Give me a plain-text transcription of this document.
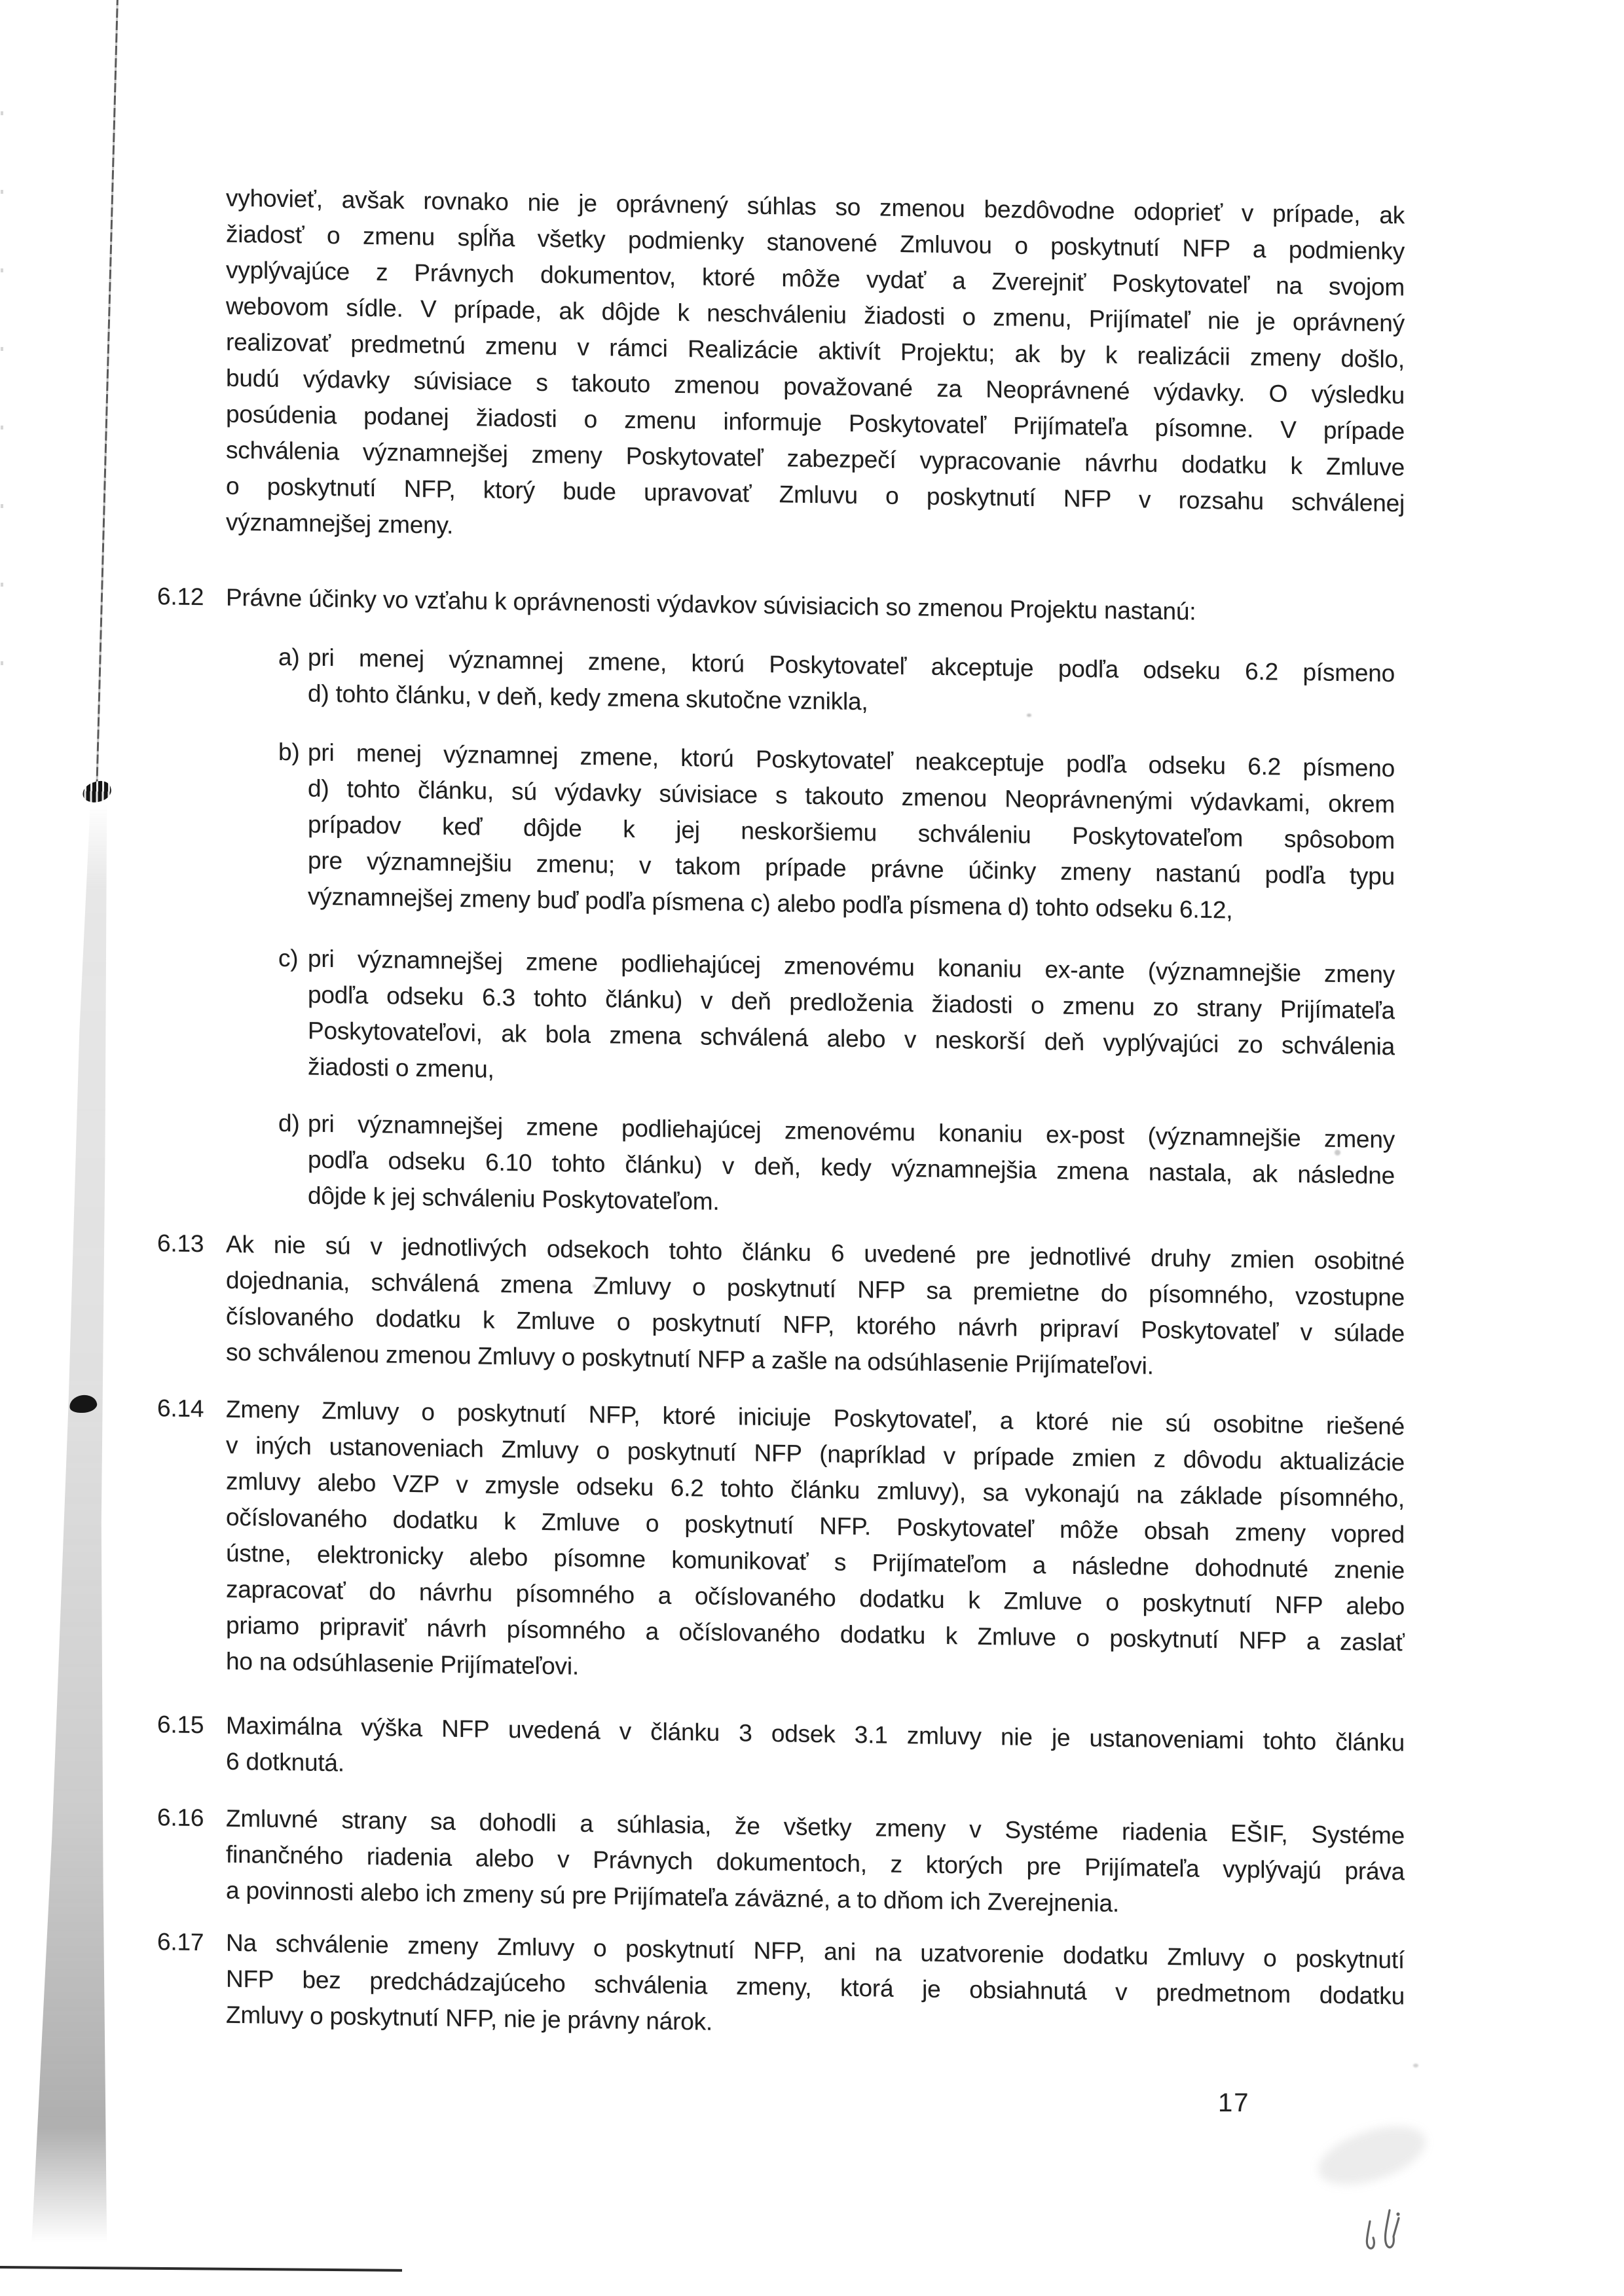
vyhovieť, avšak rovnako nie je oprávnený súhlas so zmenou bezdôvodne odoprieť v prípade, ak
žiadosť o zmenu spĺňa všetky podmienky stanovené Zmluvou o poskytnutí NFP a podmienky
vyplývajúce z Právnych dokumentov, ktoré môže vydať a Zverejniť Poskytovateľ na svojom
webovom sídle. V prípade, ak dôjde k neschváleniu žiadosti o zmenu, Prijímateľ nie je oprávnený
realizovať predmetnú zmenu v rámci Realizácie aktivít Projektu; ak by k realizácii zmeny došlo,
budú výdavky súvisiace s takouto zmenou považované za Neoprávnené výdavky. O výsledku
posúdenia podanej žiadosti o zmenu informuje Poskytovateľ Prijímateľa písomne. V prípade
schválenia významnejšej zmeny Poskytovateľ zabezpečí vypracovanie návrhu dodatku k Zmluve
o poskytnutí NFP, ktorý bude upravovať Zmluvu o poskytnutí NFP v rozsahu schválenej
významnejšej zmeny.
6.12 Právne účinky vo vzťahu k oprávnenosti výdavkov súvisiacich so zmenou Projektu nastanú:
a) pri menej významnej zmene, ktorú Poskytovateľ akceptuje podľa odseku 6.2 písmeno
d) tohto článku, v deň, kedy zmena skutočne vznikla,
b) pri menej významnej zmene, ktorú Poskytovateľ neakceptuje podľa odseku 6.2 písmeno
d) tohto článku, sú výdavky súvisiace s takouto zmenou Neoprávnenými výdavkami, okrem
prípadov keď dôjde k jej neskoršiemu schváleniu Poskytovateľom spôsobom
pre významnejšiu zmenu; v takom prípade právne účinky zmeny nastanú podľa typu
významnejšej zmeny buď podľa písmena c) alebo podľa písmena d) tohto odseku 6.12,
c) pri významnejšej zmene podliehajúcej zmenovému konaniu ex-ante (významnejšie zmeny
podľa odseku 6.3 tohto článku) v deň predloženia žiadosti o zmenu zo strany Prijímateľa
Poskytovateľovi, ak bola zmena schválená alebo v neskorší deň vyplývajúci zo schválenia
žiadosti o zmenu,
d) pri významnejšej zmene podliehajúcej zmenovému konaniu ex-post (významnejšie zmeny
podľa odseku 6.10 tohto článku) v deň, kedy významnejšia zmena nastala, ak následne
dôjde k jej schváleniu Poskytovateľom.
6.13 Ak nie sú v jednotlivých odsekoch tohto článku 6 uvedené pre jednotlivé druhy zmien osobitné
dojednania, schválená zmena Zmluvy o poskytnutí NFP sa premietne do písomného, vzostupne
číslovaného dodatku k Zmluve o poskytnutí NFP, ktorého návrh pripraví Poskytovateľ v súlade
so schválenou zmenou Zmluvy o poskytnutí NFP a zašle na odsúhlasenie Prijímateľovi.
6.14 Zmeny Zmluvy o poskytnutí NFP, ktoré iniciuje Poskytovateľ, a ktoré nie sú osobitne riešené
v iných ustanoveniach Zmluvy o poskytnutí NFP (napríklad v prípade zmien z dôvodu aktualizácie
zmluvy alebo VZP v zmysle odseku 6.2 tohto článku zmluvy), sa vykonajú na základe písomného,
očíslovaného dodatku k Zmluve o poskytnutí NFP. Poskytovateľ môže obsah zmeny vopred
ústne, elektronicky alebo písomne komunikovať s Prijímateľom a následne dohodnuté znenie
zapracovať do návrhu písomného a očíslovaného dodatku k Zmluve o poskytnutí NFP alebo
priamo pripraviť návrh písomného a očíslovaného dodatku k Zmluve o poskytnutí NFP a zaslať
ho na odsúhlasenie Prijímateľovi.
6.15 Maximálna výška NFP uvedená v článku 3 odsek 3.1 zmluvy nie je ustanoveniami tohto článku
6 dotknutá.
6.16 Zmluvné strany sa dohodli a súhlasia, že všetky zmeny v Systéme riadenia EŠIF, Systéme
finančného riadenia alebo v Právnych dokumentoch, z ktorých pre Prijímateľa vyplývajú práva
a povinnosti alebo ich zmeny sú pre Prijímateľa záväzné, a to dňom ich Zverejnenia.
6.17 Na schválenie zmeny Zmluvy o poskytnutí NFP, ani na uzatvorenie dodatku Zmluvy o poskytnutí
NFP bez predchádzajúceho schválenia zmeny, ktorá je obsiahnutá v predmetnom dodatku
Zmluvy o poskytnutí NFP, nie je právny nárok.
17
